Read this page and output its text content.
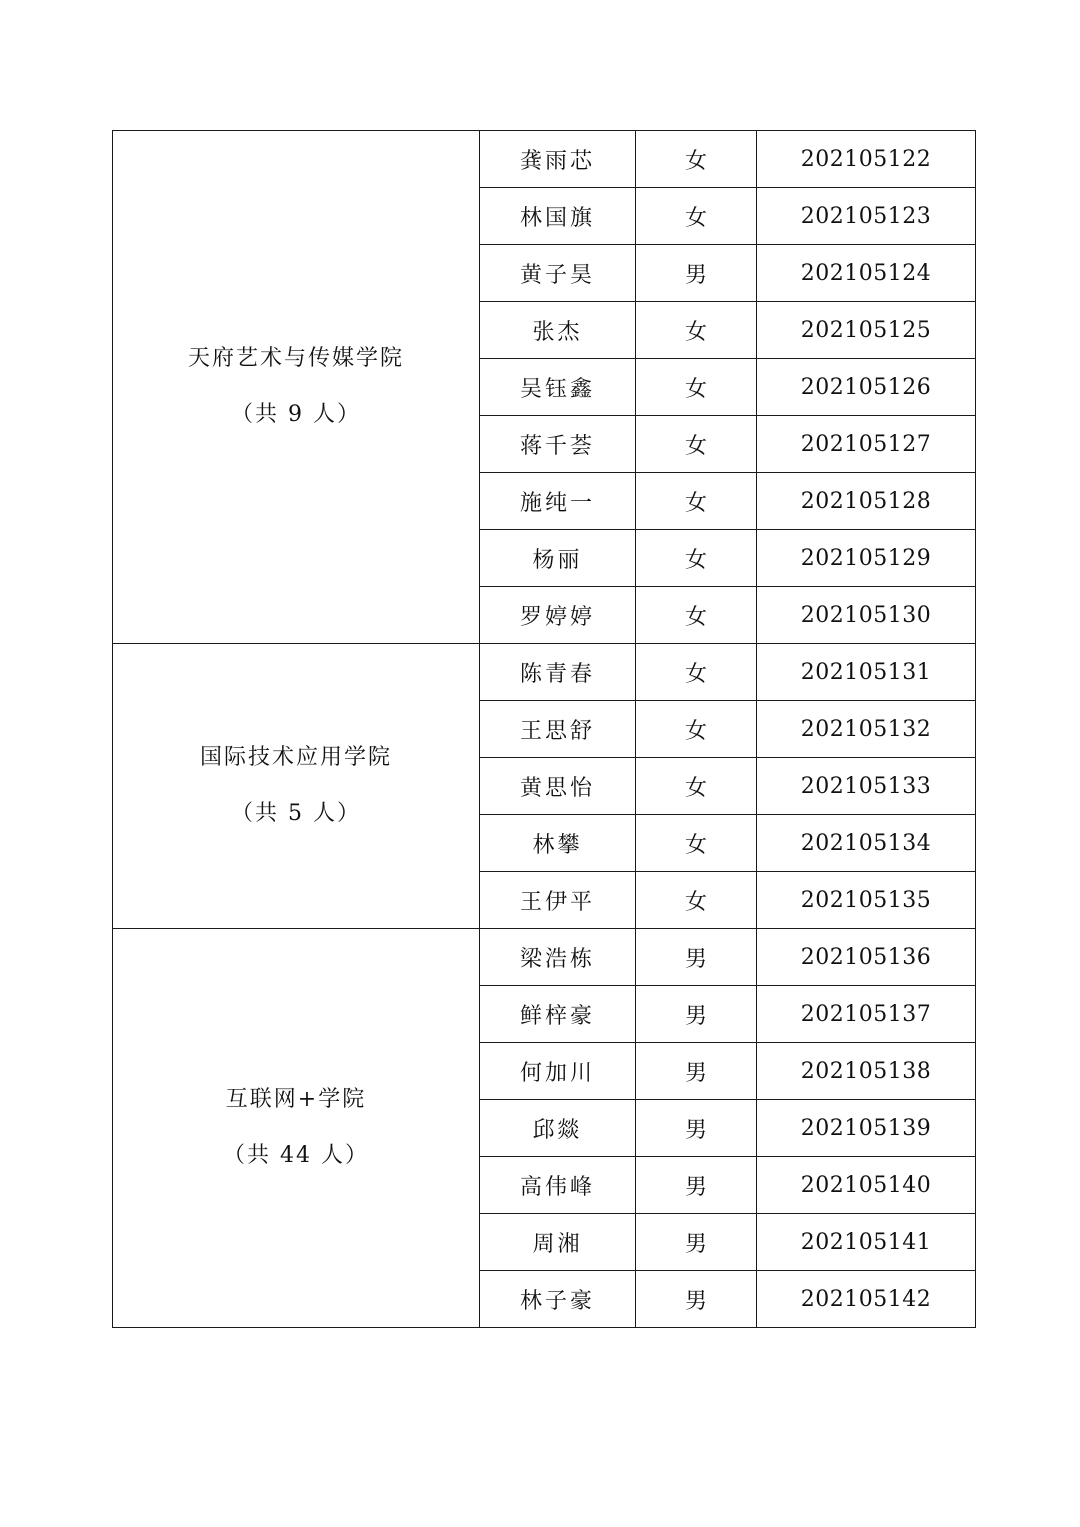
天府艺术与传媒学院
（共 9 人）	龚雨芯	女	202105122
	林国旗	女	202105123
	黄子昊	男	202105124
	张杰	女	202105125
	吴钰鑫	女	202105126
	蒋千荟	女	202105127
	施纯一	女	202105128
	杨丽	女	202105129
	罗婷婷	女	202105130

国际技术应用学院
（共 5 人）	陈青春	女	202105131
	王思舒	女	202105132
	黄思怡	女	202105133
	林攀	女	202105134
	王伊平	女	202105135

互联网+学院
（共 44 人）	梁浩栋	男	202105136
	鲜梓豪	男	202105137
	何加川	男	202105138
	邱燚	男	202105139
	高伟峰	男	202105140
	周湘	男	202105141
	林子豪	男	202105142
